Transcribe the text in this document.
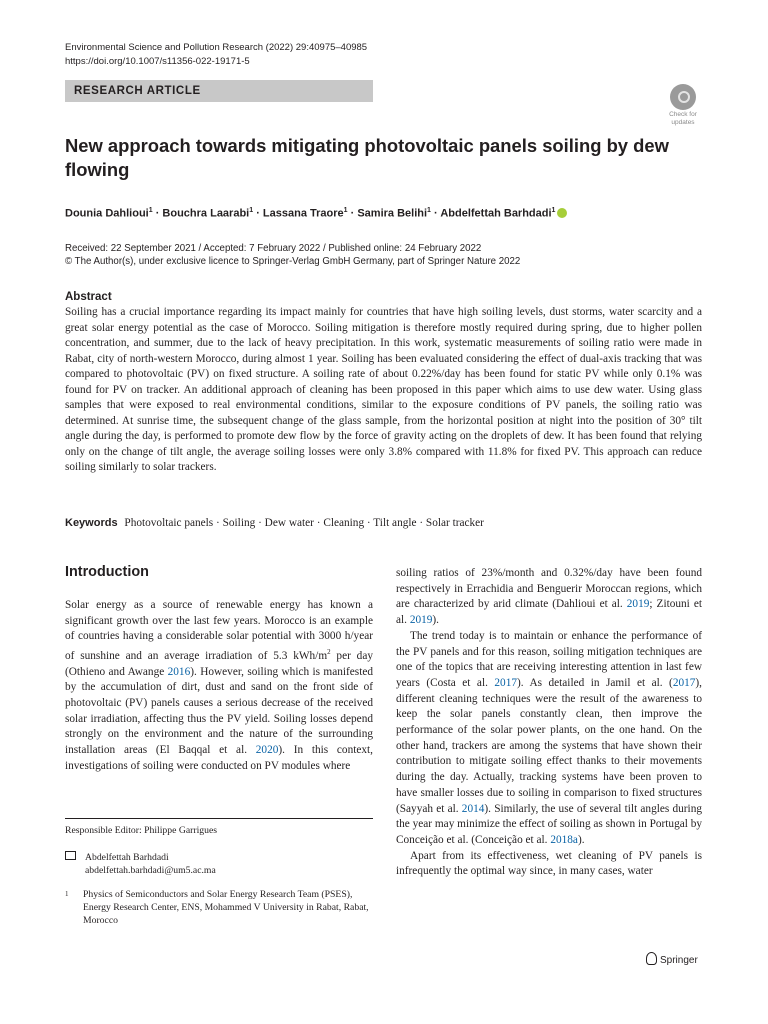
Environmental Science and Pollution Research (2022) 29:40975–40985
https://doi.org/10.1007/s11356-022-19171-5
RESEARCH ARTICLE
Check for
updates
New approach towards mitigating photovoltaic panels soiling by dew flowing
Dounia Dahlioui$^1$ · Bouchra Laarabi$^1$ · Lassana Traore$^1$ · Samira Belihi$^1$ · Abdelfettah Barhdadi$^1$
Received: 22 September 2021 / Accepted: 7 February 2022 / Published online: 24 February 2022
© The Author(s), under exclusive licence to Springer-Verlag GmbH Germany, part of Springer Nature 2022
Abstract
Soiling has a crucial importance regarding its impact mainly for countries that have high soiling levels, dust storms, water scarcity and a great solar energy potential as the case of Morocco. Soiling mitigation is therefore mostly required during spring, due to higher pollen concentration, and summer, due to the lack of heavy precipitation. In this work, systematic measurements of soiling ratio were made in Rabat, city of north-western Morocco, during almost 1 year. Soiling has been evaluated considering the effect of dual-axis tracking that was compared to photovoltaic (PV) on fixed structure. A soiling rate of about 0.22%/day has been found for static PV while only 0.1% was found for PV on tracker. An additional approach of cleaning has been proposed in this paper which aims to use dew water. Using glass samples that were exposed to real environmental conditions, similar to the exposure conditions of PV panels, the soiling ratio was determined. At sunrise time, the subsequent change of the glass sample, from the horizontal position at night into the position of 30° tilt angle during the day, is performed to promote dew flow by the force of gravity acting on the droplets of dew. It has been found that relying only on the change of tilt angle, the average soiling losses were only 3.8% compared with 11.8% for fixed PV. This approach can reduce soiling similarly to solar trackers.
Keywords Photovoltaic panels · Soiling · Dew water · Cleaning · Tilt angle · Solar tracker
Introduction

Solar energy as a source of renewable energy has known a significant growth over the last few years. Morocco is an example of countries having a considerable solar potential with 3000 h/year of sunshine and an average irradiation of 5.3 kWh/$m^2$ per day (Othieno and Awange 2016). However, soiling which is manifested by the accumulation of dirt, dust and sand on the front side of photovoltaic (PV) panels causes a serious decrease of the received solar irradiation, affecting thus the PV yield. Soiling losses depend strongly on the environment and the nature of the surrounding installation areas (El Baqqal et al. 2020). In this context, investigations of soiling were conducted on PV modules where

soiling ratios of 23%/month and 0.32%/day have been found respectively in Errachidia and Benguerir Moroccan regions, which are characterized by arid climate (Dahlioui et al. 2019; Zitouni et al. 2019).

The trend today is to maintain or enhance the performance of the PV panels and for this reason, soiling mitigation techniques are one of the topics that are receiving interesting attention in last few years (Costa et al. 2017). As detailed in Jamil et al. (2017), different cleaning techniques were the result of the awareness to keep the solar panels constantly clean, then improve the performance of the solar power plants, on the one hand. On the other hand, trackers are among the systems that have shown their contribution to mitigate soiling effect thanks to their movements during the day. Actually, tracking systems have been proven to have smaller losses due to soiling in comparison to fixed structures (Sayyah et al. 2014). Similarly, the use of several tilt angles during the year may minimize the effect of soiling as shown in Portugal by Conceição et al. (Conceição et al. 2018a).

Apart from its effectiveness, wet cleaning of PV panels is infrequently the optimal way since, in many cases, water

Responsible Editor: Philippe Garrigues
Abdelfettah Barhdadi
abdelfettah.barhdadi@um5.ac.ma
1 Physics of Semiconductors and Solar Energy Research Team (PSES), Energy Research Center, ENS, Mohammed V University in Rabat, Rabat, Morocco
Springer
